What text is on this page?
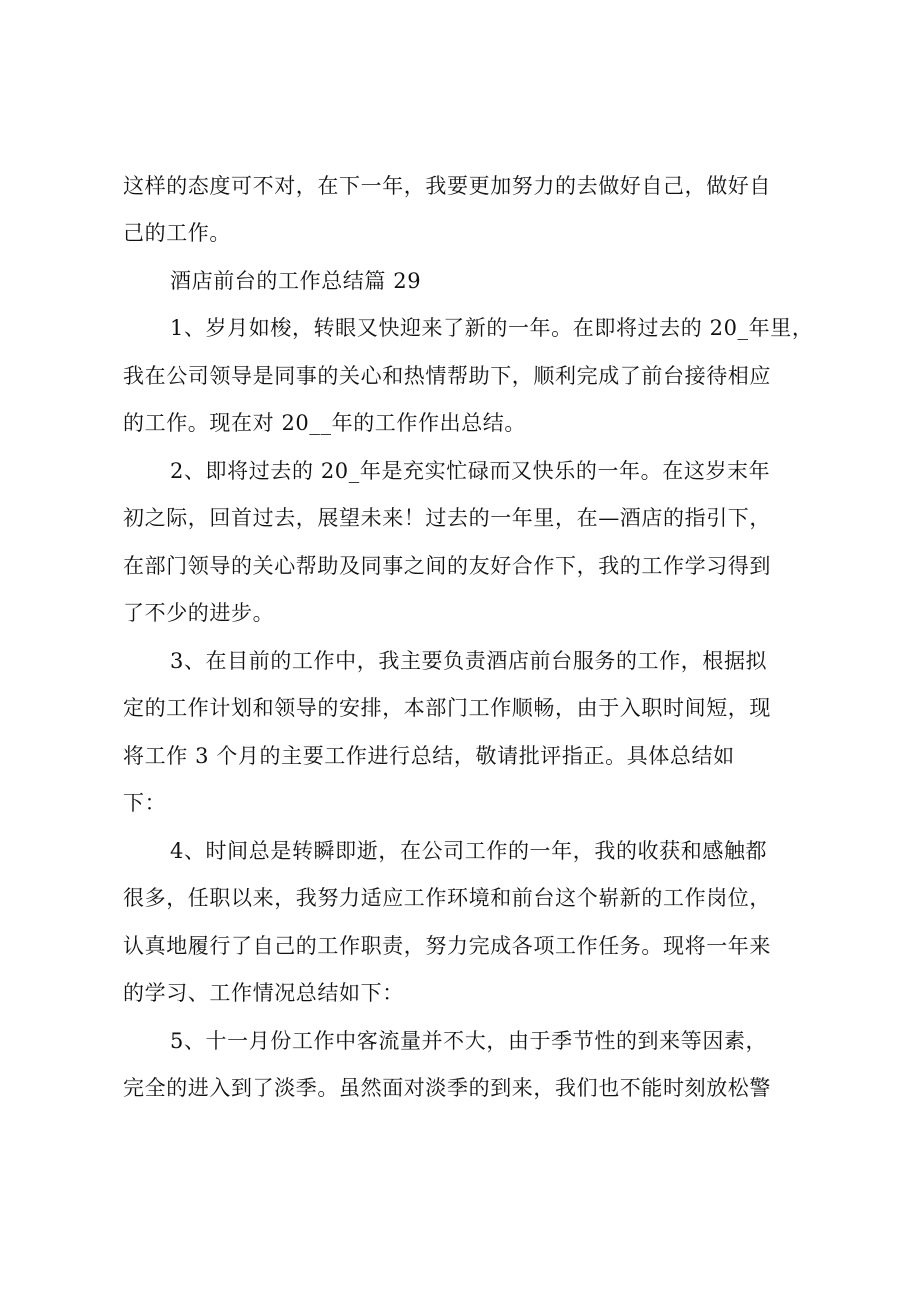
这样的态度可不对，在下一年，我要更加努力的去做好自己，做好自
己的工作。
酒店前台的工作总结篇 29
1、岁月如梭，转眼又快迎来了新的一年。在即将过去的 20_年里，
我在公司领导是同事的关心和热情帮助下，顺利完成了前台接待相应
的工作。现在对 20__年的工作作出总结。
2、即将过去的 20_年是充实忙碌而又快乐的一年。在这岁末年
初之际，回首过去，展望未来！过去的一年里，在—酒店的指引下，
在部门领导的关心帮助及同事之间的友好合作下，我的工作学习得到
了不少的进步。
3、在目前的工作中，我主要负责酒店前台服务的工作，根据拟
定的工作计划和领导的安排，本部门工作顺畅，由于入职时间短，现
将工作 3 个月的主要工作进行总结，敬请批评指正。具体总结如
下：
4、时间总是转瞬即逝，在公司工作的一年，我的收获和感触都
很多，任职以来，我努力适应工作环境和前台这个崭新的工作岗位，
认真地履行了自己的工作职责，努力完成各项工作任务。现将一年来
的学习、工作情况总结如下：
5、十一月份工作中客流量并不大，由于季节性的到来等因素，
完全的进入到了淡季。虽然面对淡季的到来，我们也不能时刻放松警
